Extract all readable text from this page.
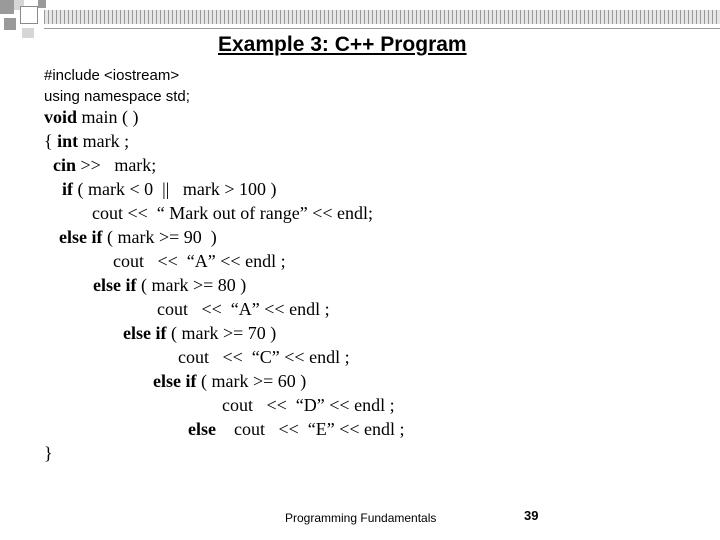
Example 3: C++ Program
#include <iostream>
using namespace std;
void main ( )
{ int mark ;
cin >>   mark;
if ( mark < 0  ||   mark > 100 )
cout <<  “ Mark out of range” << endl;
else if ( mark >= 90  )
cout   <<  “A” << endl ;
else if ( mark >= 80 )
cout   <<  “A” << endl ;
else if ( mark >= 70 )
cout   <<  “C” << endl ;
else if ( mark >= 60 )
cout   <<  “D” << endl ;
else    cout   <<  “E” << endl ;
}
Programming Fundamentals	39
